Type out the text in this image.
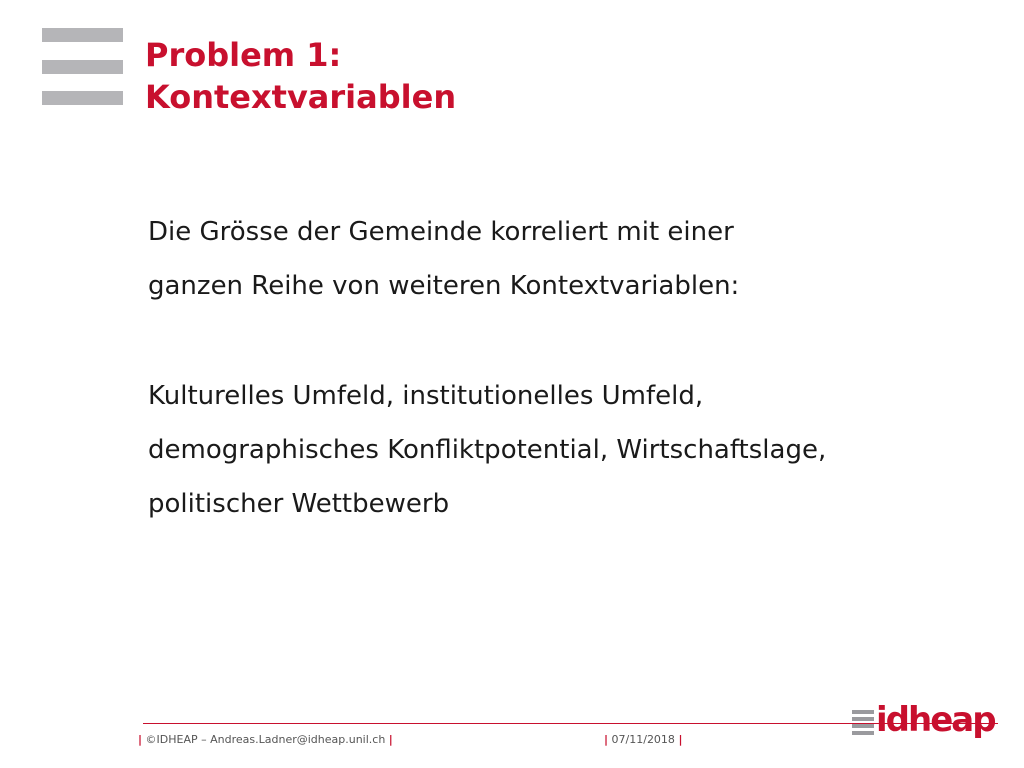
Problem 1:
Kontextvariablen

Die Grösse der Gemeinde korreliert mit einer
ganzen Reihe von weiteren Kontextvariablen:

Kulturelles Umfeld, institutionelles Umfeld,
demographisches Konfliktpotential, Wirtschaftslage,
politischer Wettbewerb

| ©IDHEAP – Andreas.Ladner@idheap.unil.ch |	| 07/11/2018 |	idheap
